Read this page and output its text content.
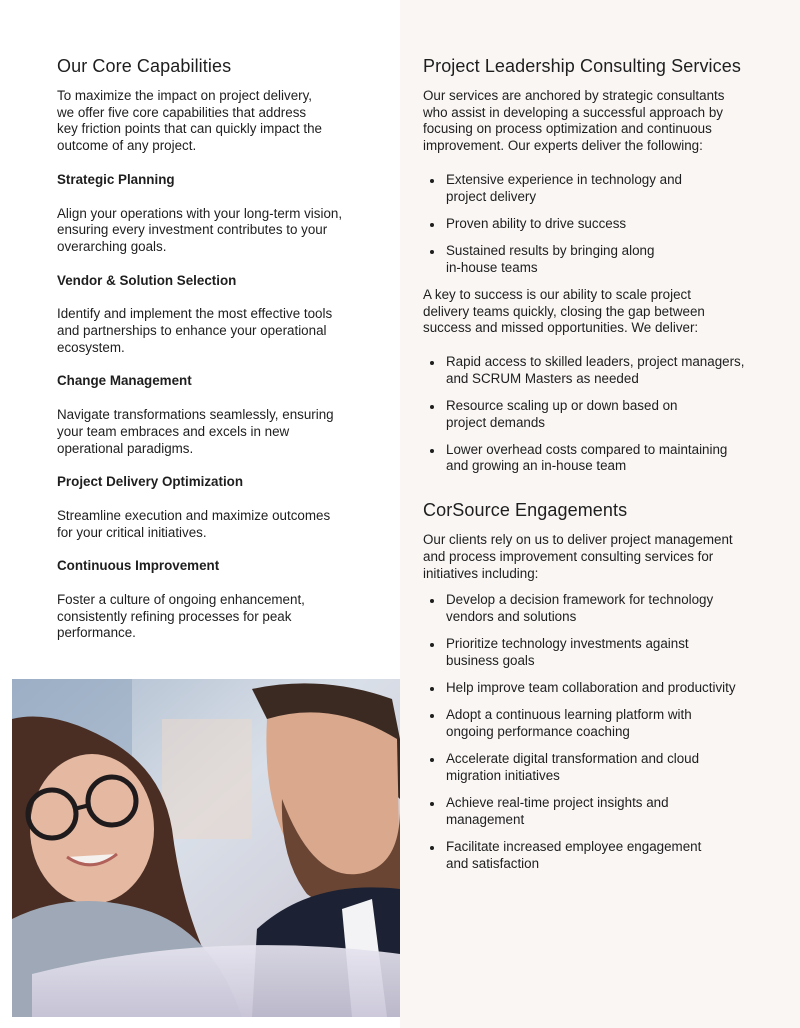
Our Core Capabilities

To maximize the impact on project delivery,
we offer five core capabilities that address
key friction points that can quickly impact the
outcome of any project.

Strategic Planning

Align your operations with your long-term vision,
ensuring every investment contributes to your
overarching goals.

Vendor & Solution Selection

Identify and implement the most effective tools
and partnerships to enhance your operational
ecosystem.

Change Management

Navigate transformations seamlessly, ensuring
your team embraces and excels in new
operational paradigms.

Project Delivery Optimization

Streamline execution and maximize outcomes
for your critical initiatives.

Continuous Improvement

Foster a culture of ongoing enhancement,
consistently refining processes for peak
performance.

Project Leadership Consulting Services

Our services are anchored by strategic consultants
who assist in developing a successful approach by
focusing on process optimization and continuous
improvement. Our experts deliver the following:

Extensive experience in technology and
project delivery
Proven ability to drive success
Sustained results by bringing along
in-house teams

A key to success is our ability to scale project
delivery teams quickly, closing the gap between
success and missed opportunities. We deliver:

Rapid access to skilled leaders, project managers,
and SCRUM Masters as needed
Resource scaling up or down based on
project demands
Lower overhead costs compared to maintaining
and growing an in-house team
CorSource Engagements

Our clients rely on us to deliver project management
and process improvement consulting services for
initiatives including:

Develop a decision framework for technology
vendors and solutions
Prioritize technology investments against
business goals
Help improve team collaboration and productivity
Adopt a continuous learning platform with
ongoing performance coaching
Accelerate digital transformation and cloud
migration initiatives
Achieve real-time project insights and
management
Facilitate increased employee engagement
and satisfaction
